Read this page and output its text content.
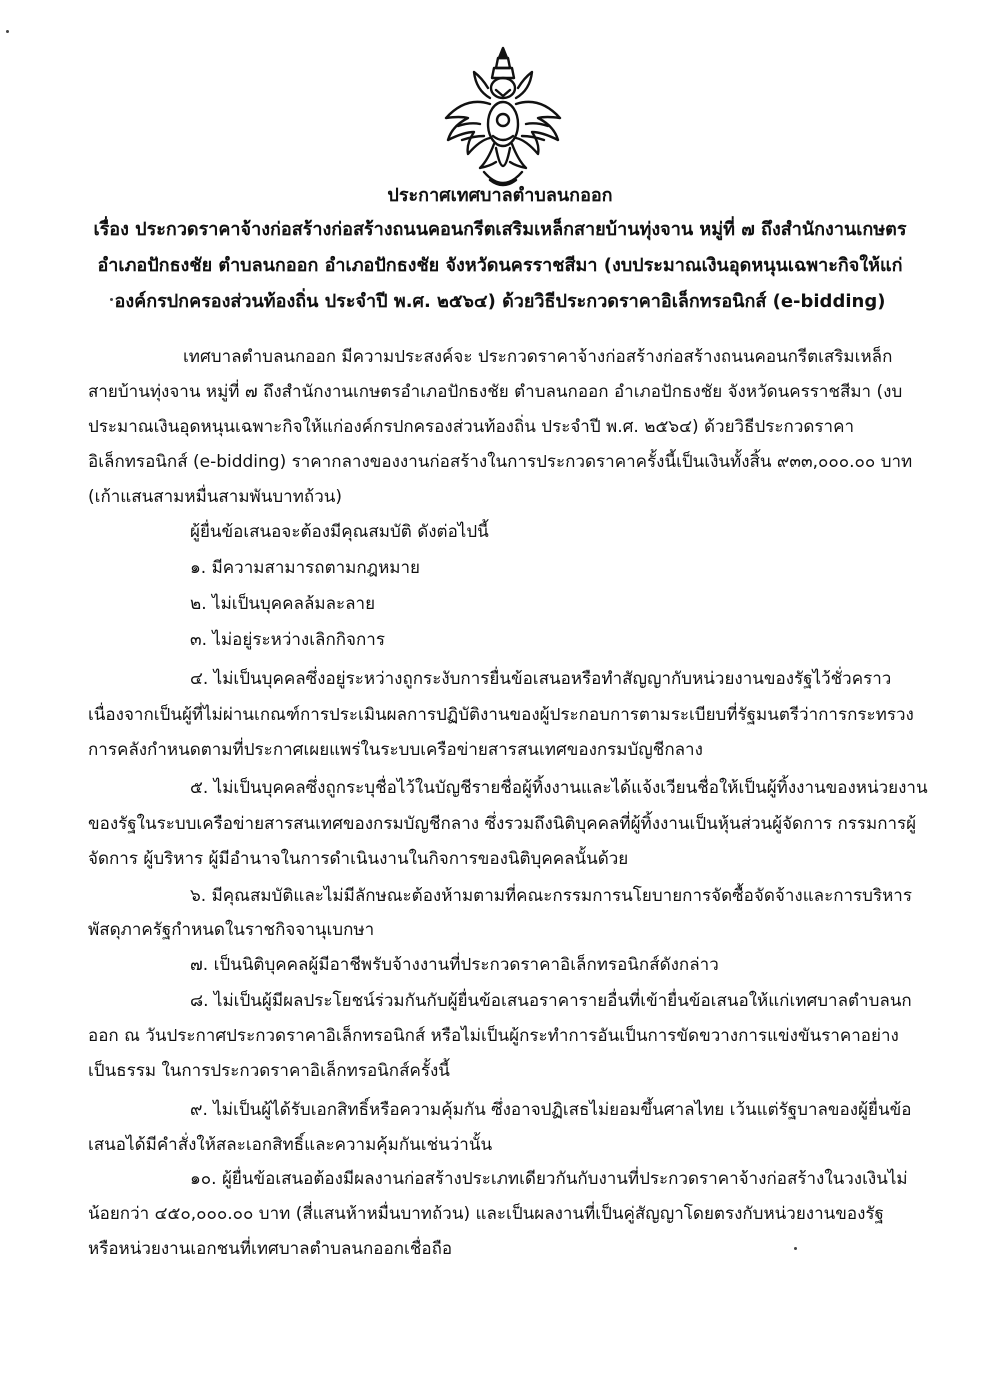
ประกาศเทศบาลตำบลนกออก
เรื่อง ประกวดราคาจ้างก่อสร้างก่อสร้างถนนคอนกรีตเสริมเหล็กสายบ้านทุ่งจาน หมู่ที่ ๗ ถึงสำนักงานเกษตร
อำเภอปักธงชัย ตำบลนกออก อำเภอปักธงชัย จังหวัดนครราชสีมา (งบประมาณเงินอุดหนุนเฉพาะกิจให้แก่
องค์กรปกครองส่วนท้องถิ่น ประจำปี พ.ศ. ๒๕๖๔) ด้วยวิธีประกวดราคาอิเล็กทรอนิกส์ (e-bidding)
เทศบาลตำบลนกออก มีความประสงค์จะ ประกวดราคาจ้างก่อสร้างก่อสร้างถนนคอนกรีตเสริมเหล็ก
สายบ้านทุ่งจาน หมู่ที่ ๗ ถึงสำนักงานเกษตรอำเภอปักธงชัย ตำบลนกออก อำเภอปักธงชัย จังหวัดนครราชสีมา (งบ
ประมาณเงินอุดหนุนเฉพาะกิจให้แก่องค์กรปกครองส่วนท้องถิ่น ประจำปี พ.ศ. ๒๕๖๔) ด้วยวิธีประกวดราคา
อิเล็กทรอนิกส์ (e-bidding) ราคากลางของงานก่อสร้างในการประกวดราคาครั้งนี้เป็นเงินทั้งสิ้น ๙๓๓,๐๐๐.๐๐ บาท
(เก้าแสนสามหมื่นสามพันบาทถ้วน)
ผู้ยื่นข้อเสนอจะต้องมีคุณสมบัติ ดังต่อไปนี้
๑. มีความสามารถตามกฎหมาย
๒. ไม่เป็นบุคคลล้มละลาย
๓. ไม่อยู่ระหว่างเลิกกิจการ
๔. ไม่เป็นบุคคลซึ่งอยู่ระหว่างถูกระงับการยื่นข้อเสนอหรือทำสัญญากับหน่วยงานของรัฐไว้ชั่วคราว
เนื่องจากเป็นผู้ที่ไม่ผ่านเกณฑ์การประเมินผลการปฏิบัติงานของผู้ประกอบการตามระเบียบที่รัฐมนตรีว่าการกระทรวง
การคลังกำหนดตามที่ประกาศเผยแพร่ในระบบเครือข่ายสารสนเทศของกรมบัญชีกลาง
๕. ไม่เป็นบุคคลซึ่งถูกระบุชื่อไว้ในบัญชีรายชื่อผู้ทิ้งงานและได้แจ้งเวียนชื่อให้เป็นผู้ทิ้งงานของหน่วยงาน
ของรัฐในระบบเครือข่ายสารสนเทศของกรมบัญชีกลาง ซึ่งรวมถึงนิติบุคคลที่ผู้ทิ้งงานเป็นหุ้นส่วนผู้จัดการ กรรมการผู้
จัดการ ผู้บริหาร ผู้มีอำนาจในการดำเนินงานในกิจการของนิติบุคคลนั้นด้วย
๖. มีคุณสมบัติและไม่มีลักษณะต้องห้ามตามที่คณะกรรมการนโยบายการจัดซื้อจัดจ้างและการบริหาร
พัสดุภาครัฐกำหนดในราชกิจจานุเบกษา
๗. เป็นนิติบุคคลผู้มีอาชีพรับจ้างงานที่ประกวดราคาอิเล็กทรอนิกส์ดังกล่าว
๘. ไม่เป็นผู้มีผลประโยชน์ร่วมกันกับผู้ยื่นข้อเสนอราคารายอื่นที่เข้ายื่นข้อเสนอให้แก่เทศบาลตำบลนก
ออก ณ วันประกาศประกวดราคาอิเล็กทรอนิกส์ หรือไม่เป็นผู้กระทำการอันเป็นการขัดขวางการแข่งขันราคาอย่าง
เป็นธรรม ในการประกวดราคาอิเล็กทรอนิกส์ครั้งนี้
๙. ไม่เป็นผู้ได้รับเอกสิทธิ์หรือความคุ้มกัน ซึ่งอาจปฏิเสธไม่ยอมขึ้นศาลไทย เว้นแต่รัฐบาลของผู้ยื่นข้อ
เสนอได้มีคำสั่งให้สละเอกสิทธิ์และความคุ้มกันเช่นว่านั้น
๑๐. ผู้ยื่นข้อเสนอต้องมีผลงานก่อสร้างประเภทเดียวกันกับงานที่ประกวดราคาจ้างก่อสร้างในวงเงินไม่
น้อยกว่า ๔๕๐,๐๐๐.๐๐ บาท (สี่แสนห้าหมื่นบาทถ้วน) และเป็นผลงานที่เป็นคู่สัญญาโดยตรงกับหน่วยงานของรัฐ
หรือหน่วยงานเอกชนที่เทศบาลตำบลนกออกเชื่อถือ
